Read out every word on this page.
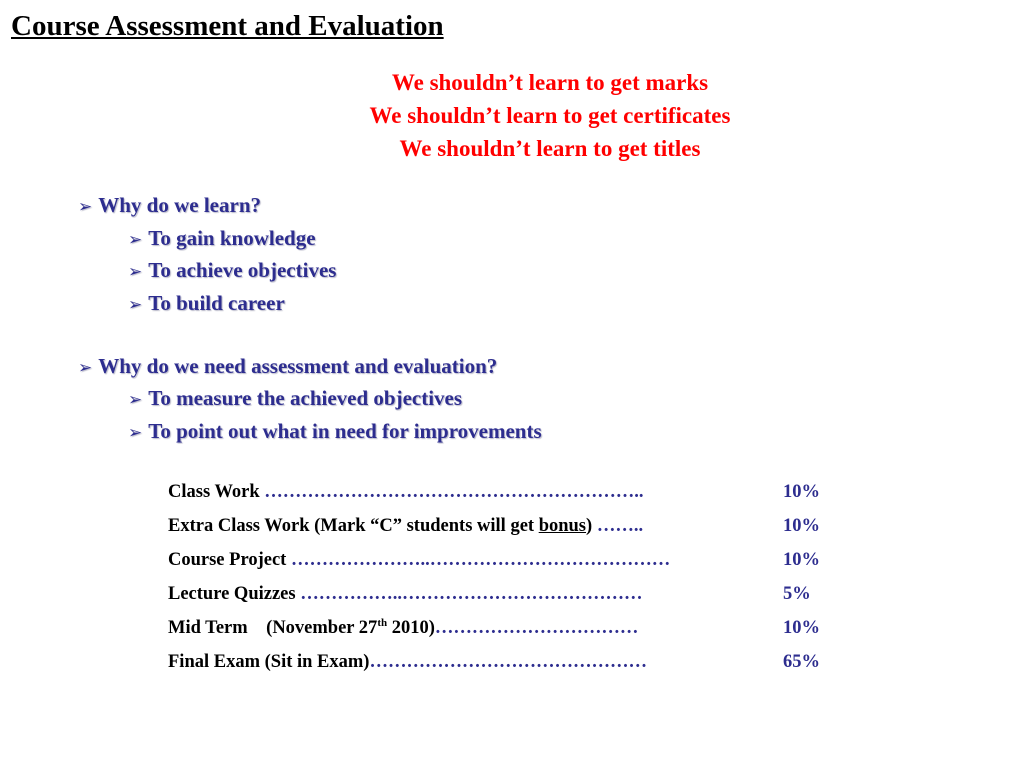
Course Assessment and Evaluation
We shouldn’t learn to get marks
We shouldn’t learn to get certificates
We shouldn’t learn to get titles
➢ Why do we learn?
➢ To gain knowledge
➢ To achieve objectives
➢ To build career
➢ Why do we need assessment and evaluation?
➢ To measure the achieved objectives
➢ To point out what in need for improvements
Class Work ……………………………………………………..	10%
Extra Class Work (Mark “C” students will get bonus) ……..	10%
Course Project …………………..…………………………………	10%
Lecture Quizzes ……………..…………………………………	5%
Mid Term    (November 27th 2010)……………………………	10%
Final Exam (Sit in Exam)………………………………………	65%
